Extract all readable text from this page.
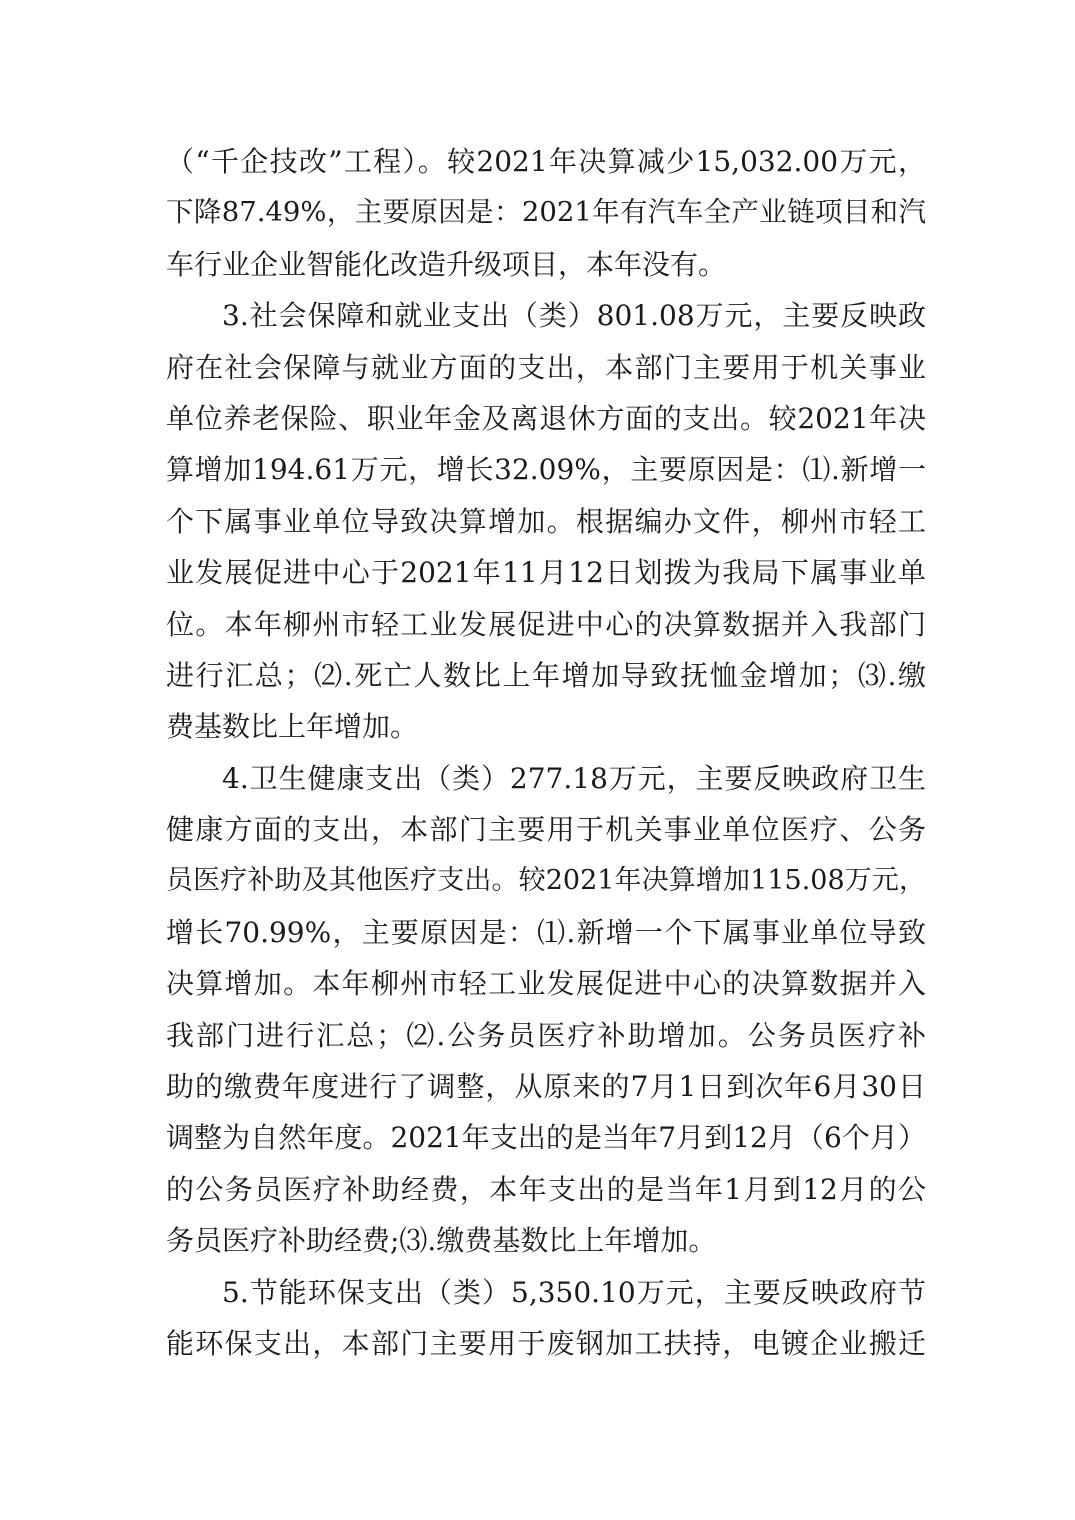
（“千企技改”工程）。较2021年决算减少15,032.00万元，
下降87.49%，主要原因是：2021年有汽车全产业链项目和汽
车行业企业智能化改造升级项目，本年没有。
3.社会保障和就业支出（类）801.08万元，主要反映政
府在社会保障与就业方面的支出，本部门主要用于机关事业
单位养老保险、职业年金及离退休方面的支出。较2021年决
算增加194.61万元，增长32.09%，主要原因是：⑴.新增一
个下属事业单位导致决算增加。根据编办文件，柳州市轻工
业发展促进中心于2021年11月12日划拨为我局下属事业单
位。本年柳州市轻工业发展促进中心的决算数据并入我部门
进行汇总；⑵.死亡人数比上年增加导致抚恤金增加；⑶.缴
费基数比上年增加。
4.卫生健康支出（类）277.18万元，主要反映政府卫生
健康方面的支出，本部门主要用于机关事业单位医疗、公务
员医疗补助及其他医疗支出。较2021年决算增加115.08万元，
增长70.99%，主要原因是：⑴.新增一个下属事业单位导致
决算增加。本年柳州市轻工业发展促进中心的决算数据并入
我部门进行汇总；⑵.公务员医疗补助增加。公务员医疗补
助的缴费年度进行了调整，从原来的7月1日到次年6月30日
调整为自然年度。2021年支出的是当年7月到12月（6个月）
的公务员医疗补助经费，本年支出的是当年1月到12月的公
务员医疗补助经费;⑶.缴费基数比上年增加。
5.节能环保支出（类）5,350.10万元，主要反映政府节
能环保支出，本部门主要用于废钢加工扶持，电镀企业搬迁
